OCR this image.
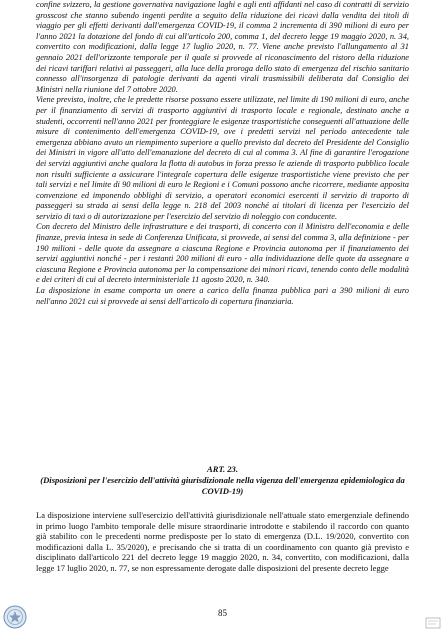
confine svizzero, la gestione governativa navigazione laghi e agli enti affidanti nel caso di contratti di servizio grosscost che stanno subendo ingenti perdite a seguito della riduzione dei ricavi dalla vendita dei titoli di viaggio per gli effetti derivanti dall'emergenza COVID-19, il comma 2 incrementa di 390 milioni di euro per l'anno 2021 la dotazione del fondo di cui all'articolo 200, comma 1, del decreto legge 19 maggio 2020, n. 34, convertito con modificazioni, dalla legge 17 luglio 2020, n. 77. Viene anche previsto l'allungamento al 31 gennaio 2021 dell'orizzonte temporale per il quale si provvede al riconoscimento del ristoro della riduzione dei ricavi tariffari relativi ai passeggeri, alla luce della proroga dello stato di emergenza del rischio sanitario connesso all'insorgenza di patologie derivanti da agenti virali trasmissibili deliberata dal Consiglio dei Ministri nella riunione del 7 ottobre 2020.

Viene previsto, inoltre, che le predette risorse possano essere utilizzate, nel limite di 190 milioni di euro, anche per il finanziamento di servizi di trasporto aggiuntivi di trasporto locale e regionale, destinato anche a studenti, occorrenti nell'anno 2021 per fronteggiare le esigenze trasportistiche conseguenti all'attuazione delle misure di contenimento dell'emergenza COVID-19, ove i predetti servizi nel periodo antecedente tale emergenza abbiano avuto un riempimento superiore a quello previsto dal decreto del Presidente del Consiglio dei Ministri in vigore all'atto dell'emanazione del decreto di cui al comma 3. Al fine di garantire l'erogazione dei servizi aggiuntivi anche qualora la flotta di autobus in forza presso le aziende di trasporto pubblico locale non risulti sufficiente a assicurare l'integrale copertura delle esigenze trasportistiche viene previsto che per tali servizi e nel limite di 90 milioni di euro le Regioni e i Comuni possono anche ricorrere, mediante apposita convenzione ed imponendo obblighi di servizio, a operatori economici esercenti il servizio di traporto di passeggeri su strada ai sensi della legge n. 218 del 2003 nonché ai titolari di licenza per l'esercizio del servizio di taxi o di autorizzazione per l'esercizio del servizio di noleggio con conducente.

Con decreto del Ministro delle infrastrutture e dei trasporti, di concerto con il Ministro dell'economia e delle finanze, previa intesa in sede di Conferenza Unificata, si provvede, ai sensi del comma 3, alla definizione - per 190 milioni - delle quote da assegnare a ciascuna Regione e Provincia autonoma per il finanziamento dei servizi aggiuntivi nonché - per i restanti 200 milioni di euro - alla individuazione delle quote da assegnare a ciascuna Regione e Provincia autonoma per la compensazione dei minori ricavi, tenendo conto delle modalità e dei criteri di cui al decreto interministeriale 11 agosto 2020, n. 340.

La disposizione in esame comporta un onere a carico della finanza pubblica pari a 390 milioni di euro nell'anno 2021 cui si provvede ai sensi dell'articolo di copertura finanziaria.

ART. 23.
(Disposizioni per l'esercizio dell'attività giurisdizionale nella vigenza dell'emergenza epidemiologica da COVID-19)

La disposizione interviene sull'esercizio dell'attività giurisdizionale nell'attuale stato emergenziale definendo in primo luogo l'ambito temporale delle misure straordinarie introdotte e stabilendo il raccordo con quanto già stabilito con le precedenti norme predisposte per lo stato di emergenza (D.L. 19/2020, convertito con modificazioni dalla L. 35/2020), e precisando che si tratta di un coordinamento con quanto già previsto e disciplinato dall'articolo 221 del decreto legge 19 maggio 2020, n. 34, convertito, con modificazioni, dalla legge 17 luglio 2020, n. 77, se non espressamente derogate dalle disposizioni del presente decreto legge

85
